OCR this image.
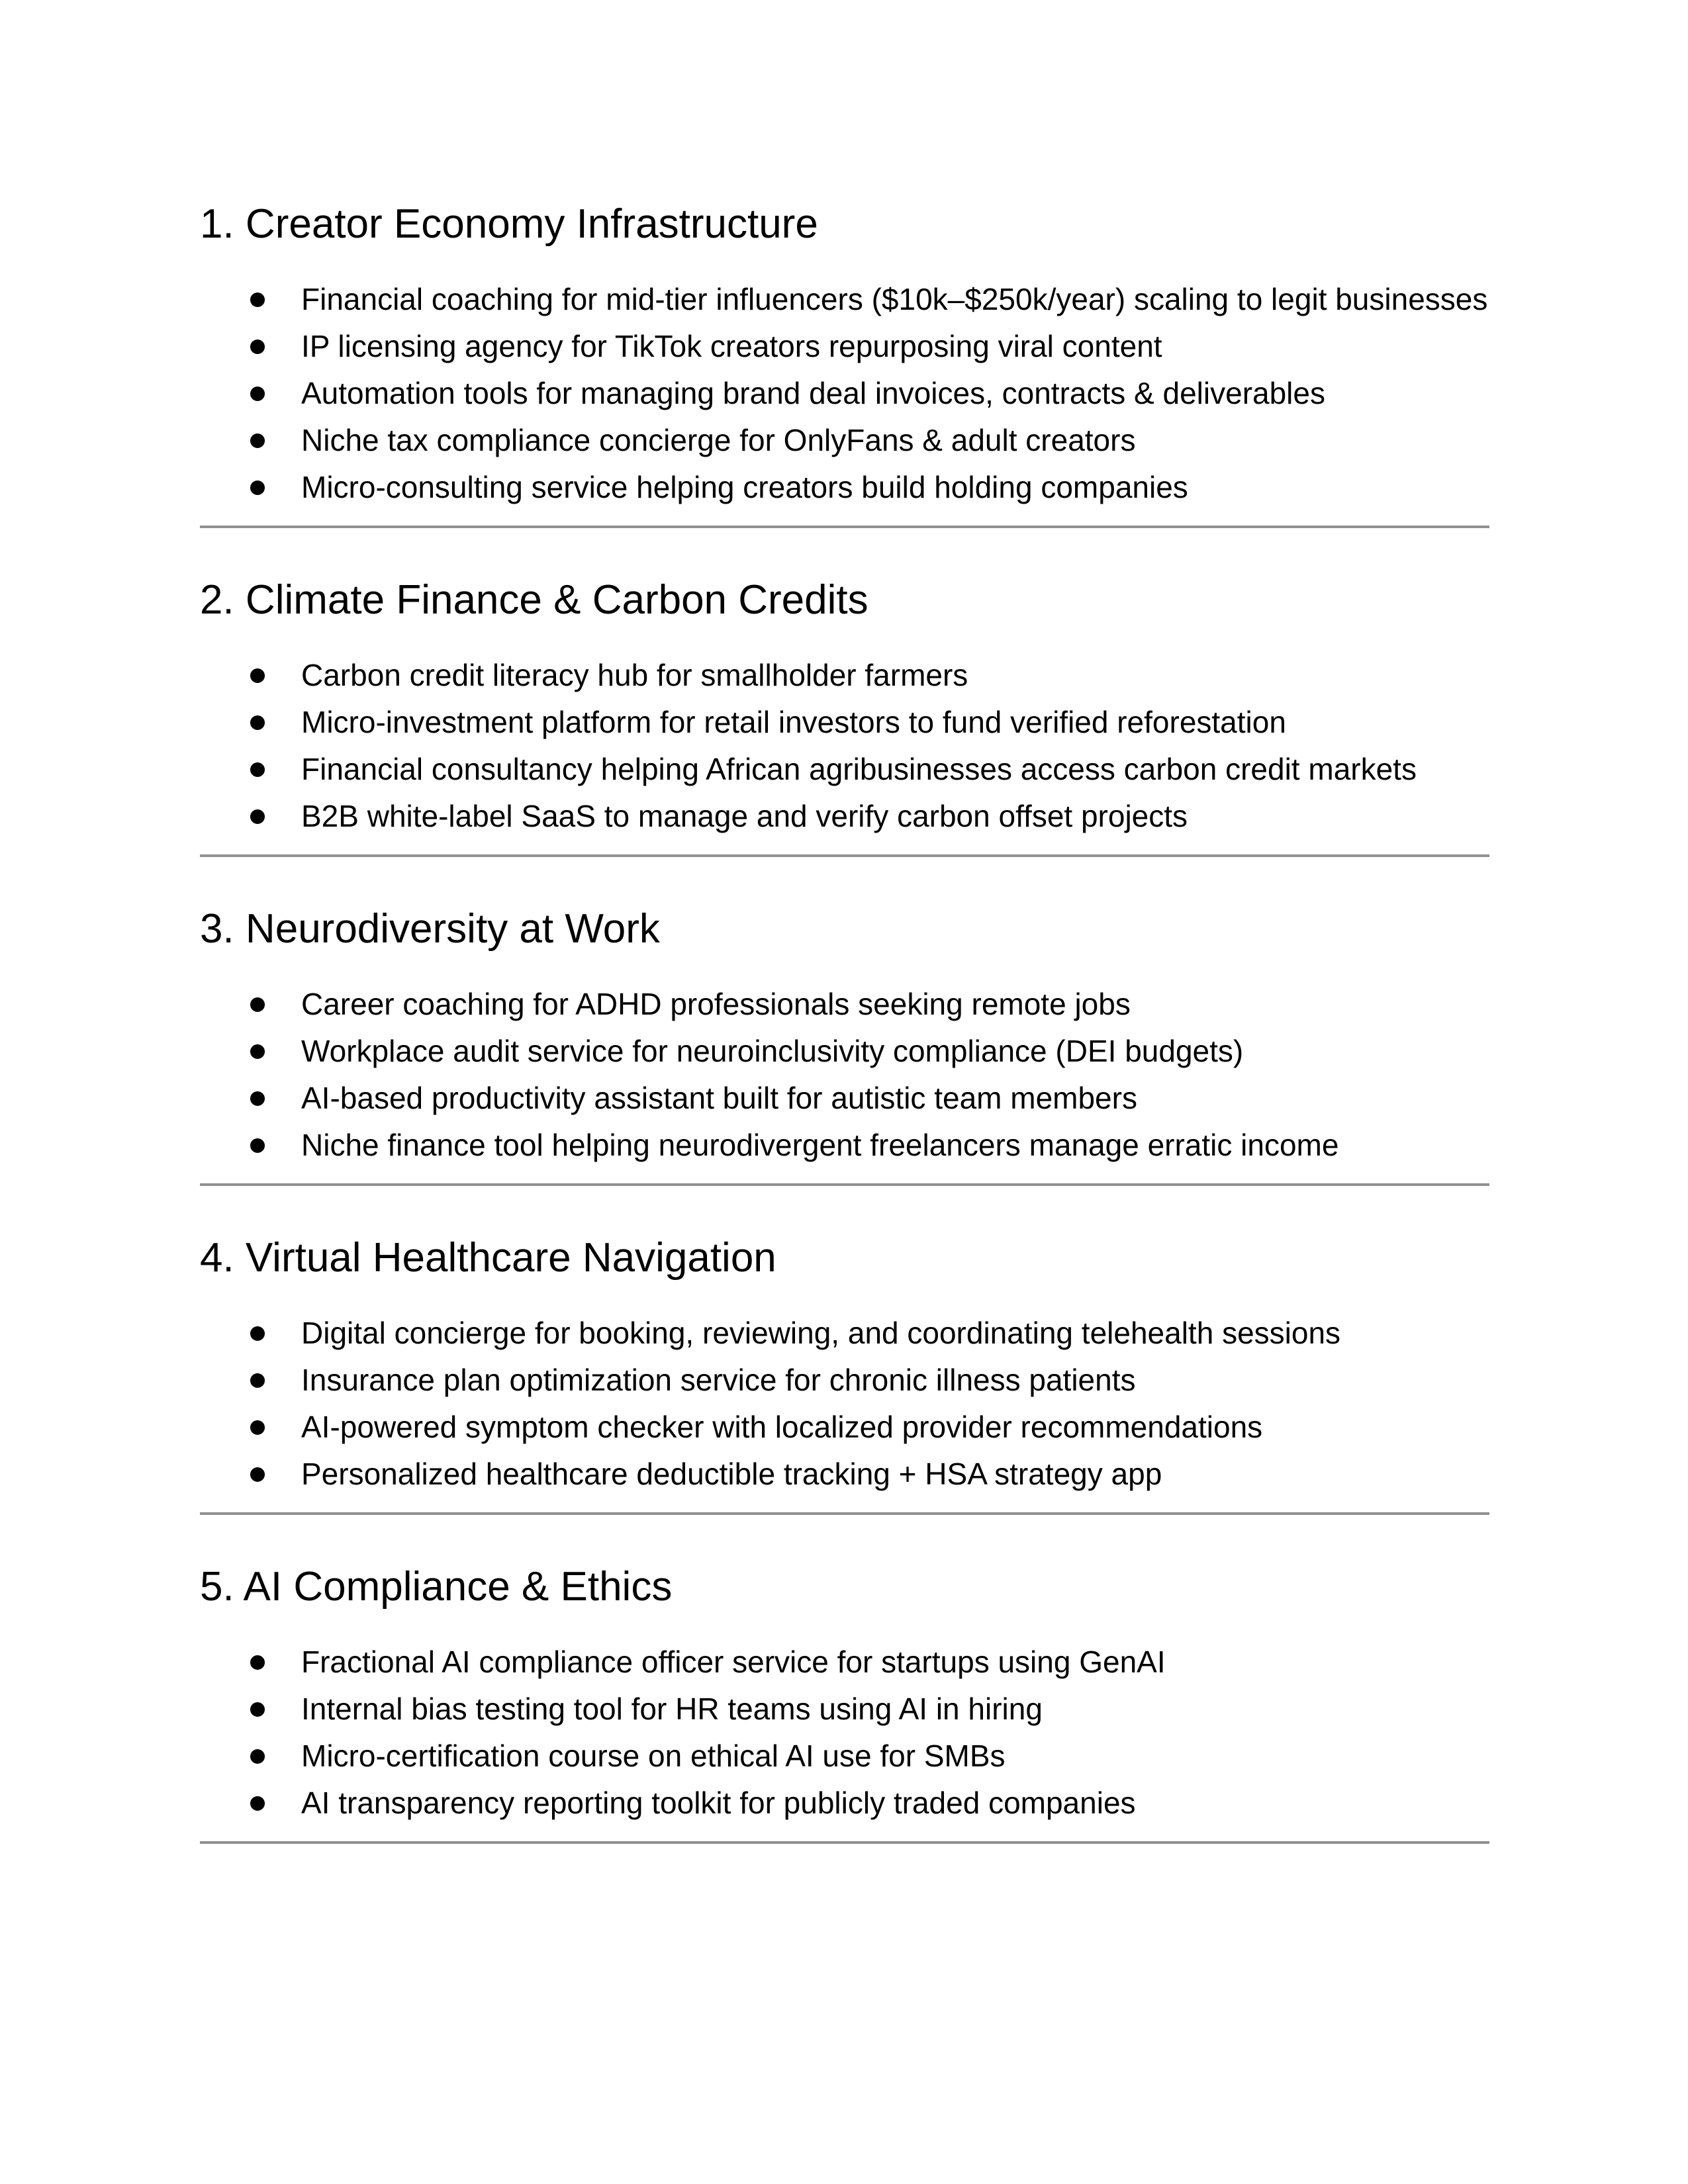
1. Creator Economy Infrastructure
Financial coaching for mid-tier influencers ($10k–$250k/year) scaling to legit businesses
IP licensing agency for TikTok creators repurposing viral content
Automation tools for managing brand deal invoices, contracts & deliverables
Niche tax compliance concierge for OnlyFans & adult creators
Micro-consulting service helping creators build holding companies
2. Climate Finance & Carbon Credits
Carbon credit literacy hub for smallholder farmers
Micro-investment platform for retail investors to fund verified reforestation
Financial consultancy helping African agribusinesses access carbon credit markets
B2B white-label SaaS to manage and verify carbon offset projects
3. Neurodiversity at Work
Career coaching for ADHD professionals seeking remote jobs
Workplace audit service for neuroinclusivity compliance (DEI budgets)
AI-based productivity assistant built for autistic team members
Niche finance tool helping neurodivergent freelancers manage erratic income
4. Virtual Healthcare Navigation
Digital concierge for booking, reviewing, and coordinating telehealth sessions
Insurance plan optimization service for chronic illness patients
AI-powered symptom checker with localized provider recommendations
Personalized healthcare deductible tracking + HSA strategy app
5. AI Compliance & Ethics
Fractional AI compliance officer service for startups using GenAI
Internal bias testing tool for HR teams using AI in hiring
Micro-certification course on ethical AI use for SMBs
AI transparency reporting toolkit for publicly traded companies
